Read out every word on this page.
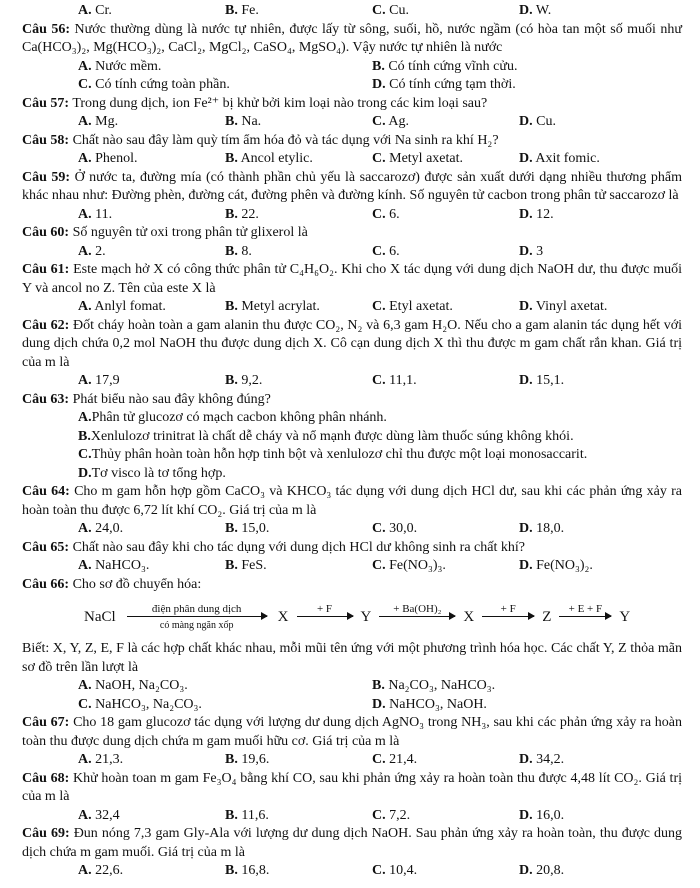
A. Cr.	B. Fe.	C. Cu.	D. W.

Câu 56: Nước thường dùng là nước tự nhiên, được lấy từ sông, suối, hồ, nước ngầm (có hòa tan một số muối như Ca(HCO₃)₂, Mg(HCO₃)₂, CaCl₂, MgCl₂, CaSO₄, MgSO₄). Vậy nước tự nhiên là nước

A. Nước mềm.	B. Có tính cứng vĩnh cửu.
C. Có tính cứng toàn phần.	D. Có tính cứng tạm thời.

Câu 57: Trong dung dịch, ion Fe²⁺ bị khử bởi kim loại nào trong các kim loại sau?

A. Mg.	B. Na.	C. Ag.	D. Cu.

Câu 58: Chất nào sau đây làm quỳ tím ẩm hóa đỏ và tác dụng với Na sinh ra khí H₂?

A. Phenol.	B. Ancol etylic.	C. Metyl axetat.	D. Axit fomic.

Câu 59: Ở nước ta, đường mía (có thành phần chủ yếu là saccarozơ) được sản xuất dưới dạng nhiều thương phẩm khác nhau như: Đường phèn, đường cát, đường phên và đường kính. Số nguyên tử cacbon trong phân tử saccarozơ là

A. 11.	B. 22.	C. 6.	D. 12.

Câu 60: Số nguyên tử oxi trong phân tử glixerol là

A. 2.	B. 8.	C. 6.	D. 3

Câu 61: Este mạch hở X có công thức phân tử C₄H₆O₂. Khi cho X tác dụng với dung dịch NaOH dư, thu được muối Y và ancol no Z. Tên của este X là

A. Anlyl fomat.	B. Metyl acrylat.	C. Etyl axetat.	D. Vinyl axetat.

Câu 62: Đốt cháy hoàn toàn a gam alanin thu được CO₂, N₂ và 6,3 gam H₂O. Nếu cho a gam alanin tác dụng hết với dung dịch chứa 0,2 mol NaOH thu được dung dịch X. Cô cạn dung dịch X thì thu được m gam chất rắn khan. Giá trị của m là

A. 17,9	B. 9,2.	C. 11,1.	D. 15,1.

Câu 63: Phát biểu nào sau đây không đúng?

A. Phân tử glucozơ có mạch cacbon không phân nhánh.
B. Xenlulozơ trinitrat là chất dễ cháy và nổ mạnh được dùng làm thuốc súng không khói.
C. Thủy phân hoàn toàn hỗn hợp tinh bột và xenlulozơ chỉ thu được một loại monosaccarit.
D. Tơ visco là tơ tổng hợp.

Câu 64: Cho m gam hỗn hợp gồm CaCO₃ và KHCO₃ tác dụng với dung dịch HCl dư, sau khi các phản ứng xảy ra hoàn toàn thu được 6,72 lít khí CO₂. Giá trị của m là

A. 24,0.	B. 15,0.	C. 30,0.	D. 18,0.

Câu 65: Chất nào sau đây khi cho tác dụng với dung dịch HCl dư không sinh ra chất khí?

A. NaHCO₃.	B. FeS.	C. Fe(NO₃)₃.	D. Fe(NO₃)₂.

Câu 66: Cho sơ đồ chuyển hóa:

NaCl
điện phân dung dịch
có màng ngăn xốp
X
+ F

Y
+ Ba(OH)₂

X
+ F

Z
+ E + F

Y

Biết: X, Y, Z, E, F là các hợp chất khác nhau, mỗi mũi tên ứng với một phương trình hóa học. Các chất Y, Z thỏa mãn sơ đồ trên lần lượt là

A. NaOH, Na₂CO₃.	B. Na₂CO₃, NaHCO₃.
C. NaHCO₃, Na₂CO₃.	D. NaHCO₃, NaOH.

Câu 67: Cho 18 gam glucozơ tác dụng với lượng dư dung dịch AgNO₃ trong NH₃, sau khi các phản ứng xảy ra hoàn toàn thu được dung dịch chứa m gam muối hữu cơ. Giá trị của m là

A. 21,3.	B. 19,6.	C. 21,4.	D. 34,2.

Câu 68: Khử hoàn toan m gam Fe₃O₄ bằng khí CO, sau khi phản ứng xảy ra hoàn toàn thu được 4,48 lít CO₂. Giá trị của m là

A. 32,4	B. 11,6.	C. 7,2.	D. 16,0.

Câu 69: Đun nóng 7,3 gam Gly-Ala với lượng dư dung dịch NaOH. Sau phản ứng xảy ra hoàn toàn, thu được dung dịch chứa m gam muối. Giá trị của m là

A. 22,6.	B. 16,8.	C. 10,4.	D. 20,8.
